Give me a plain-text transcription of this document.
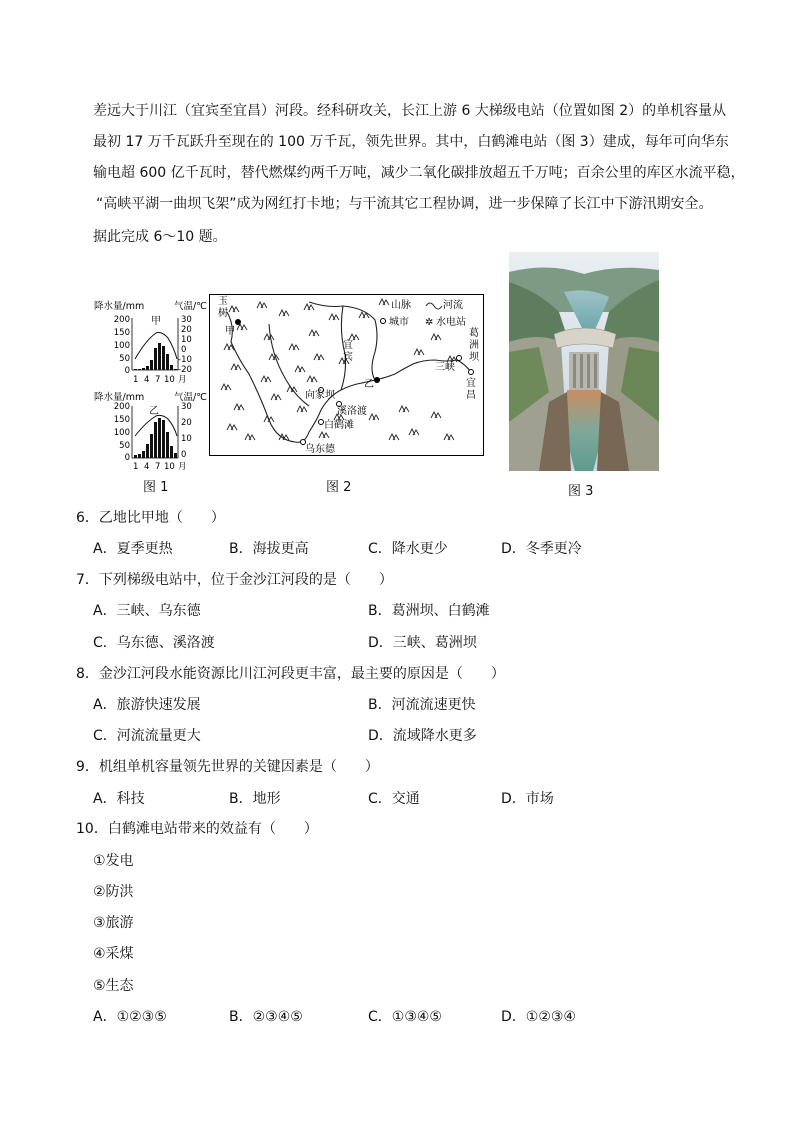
差远大于川江（宜宾至宜昌）河段。经科研攻关，长江上游 6 大梯级电站（位置如图 2）的单机容量从
最初 17 万千瓦跃升至现在的 100 万千瓦，领先世界。其中，白鹤滩电站（图 3）建成，每年可向华东
输电超 600 亿千瓦时，替代燃煤约两千万吨，减少二氧化碳排放超五千万吨；百余公里的库区水流平稳，
“高峡平湖一曲坝飞架”成为网红打卡地；与干流其它工程协调，进一步保障了长江中下游汛期安全。
据此完成 6～10 题。
降水量/mm	气温/℃
甲
200
150
100
50
0
30
20
10
0
-10
-20
1 4 7 10 月
降水量/mm	气温/℃
乙
200
150
100
50
0
30
20
10
0
1 4 7 10 月
图 1
山脉	河流
城市 ✲ 水电站
玉
树
甲
宜
宾
乙
向家坝
溪洛渡
白鹤滩
乌东德
三峡
葛
洲
坝
宜
昌
图 2	图 3
6．乙地比甲地（　　）
A．夏季更热	B．海拔更高	C．降水更少	D．冬季更冷
7．下列梯级电站中，位于金沙江河段的是（　　）
A．三峡、乌东德	B．葛洲坝、白鹤滩
C．乌东德、溪洛渡	D．三峡、葛洲坝
8．金沙江河段水能资源比川江河段更丰富，最主要的原因是（　　）
A．旅游快速发展	B．河流流速更快
C．河流流量更大	D．流域降水更多
9．机组单机容量领先世界的关键因素是（　　）
A．科技	B．地形	C．交通	D．市场
10．白鹤滩电站带来的效益有（　　）
①发电
②防洪
③旅游
④采煤
⑤生态
A．①②③⑤	B．②③④⑤	C．①③④⑤	D．①②③④
